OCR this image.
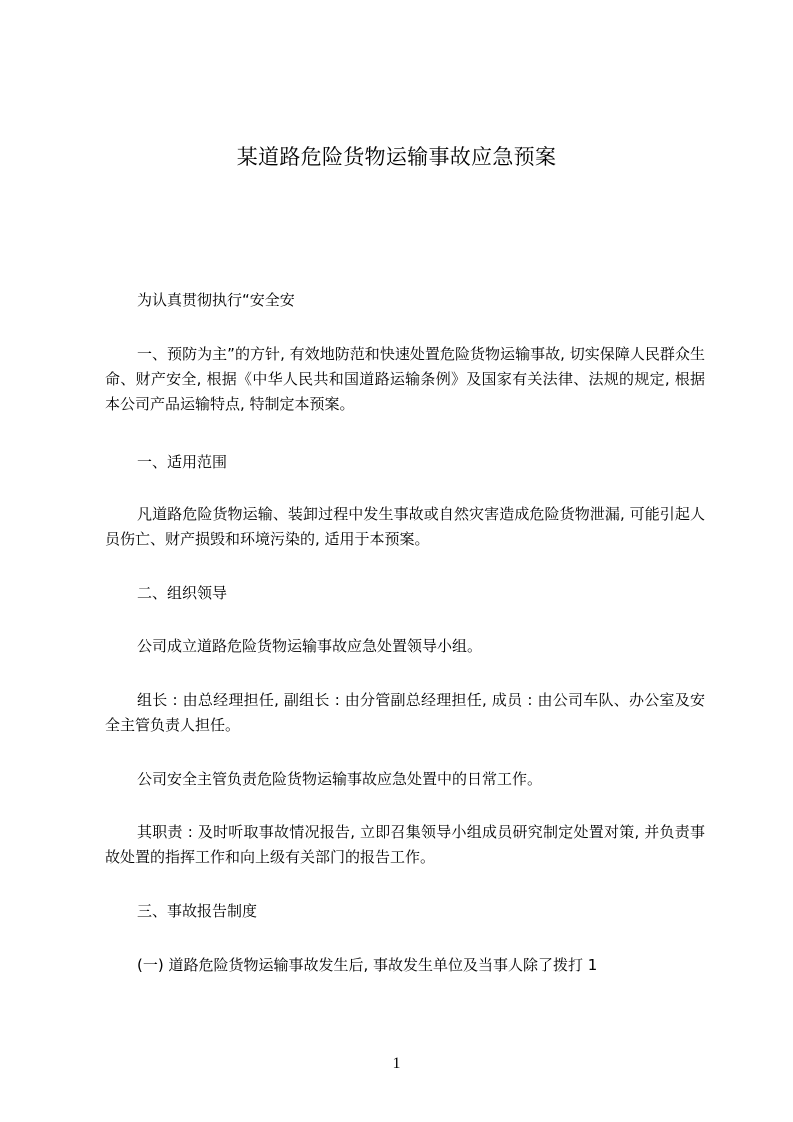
某道路危险货物运输事故应急预案
为认真贯彻执行“安全安
一、预防为主”的方针, 有效地防范和快速处置危险货物运输事故, 切实保障人民群众生命、财产安全, 根据《中华人民共和国道路运输条例》及国家有关法律、法规的规定, 根据本公司产品运输特点, 特制定本预案。
一、适用范围
凡道路危险货物运输、装卸过程中发生事故或自然灾害造成危险货物泄漏, 可能引起人员伤亡、财产损毁和环境污染的, 适用于本预案。
二、组织领导
公司成立道路危险货物运输事故应急处置领导小组。
组长 : 由总经理担任, 副组长 : 由分管副总经理担任, 成员 : 由公司车队、办公室及安全主管负责人担任。
公司安全主管负责危险货物运输事故应急处置中的日常工作。
其职责 : 及时听取事故情况报告, 立即召集领导小组成员研究制定处置对策, 并负责事故处置的指挥工作和向上级有关部门的报告工作。
三、事故报告制度
(一) 道路危险货物运输事故发生后, 事故发生单位及当事人除了拨打 1
1
